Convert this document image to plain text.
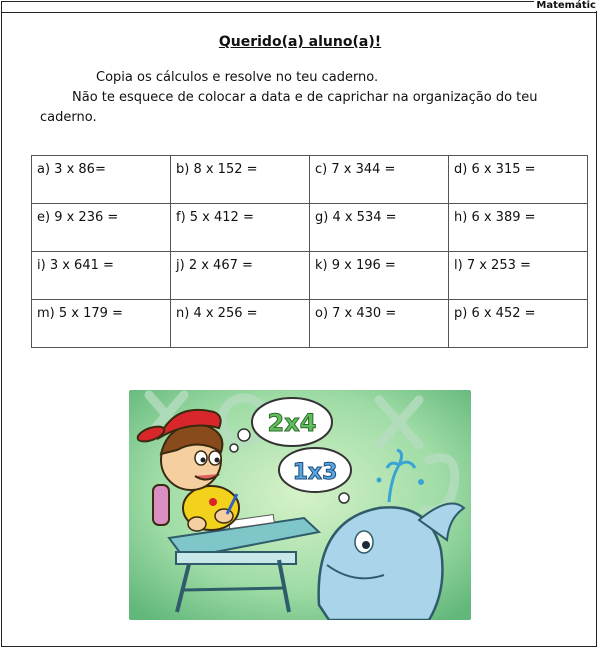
Matemátic
Querido(a) aluno(a)!

Copia os cálculos e resolve no teu caderno.

Não te esquece de colocar a data e de caprichar na organização do teu caderno.

a) 3 x 86=	b) 8 x 152 =	c) 7 x 344 =	d) 6 x 315 =
e) 9 x 236 =	f) 5 x 412 =	g) 4 x 534 =	h) 6 x 389 =
i) 3 x 641 =	j) 2 x 467 =	k) 9 x 196 =	l) 7 x 253 =
m) 5 x 179 =	n) 4 x 256 =	o) 7 x 430 =	p) 6 x 452 =
2x4
1x3
